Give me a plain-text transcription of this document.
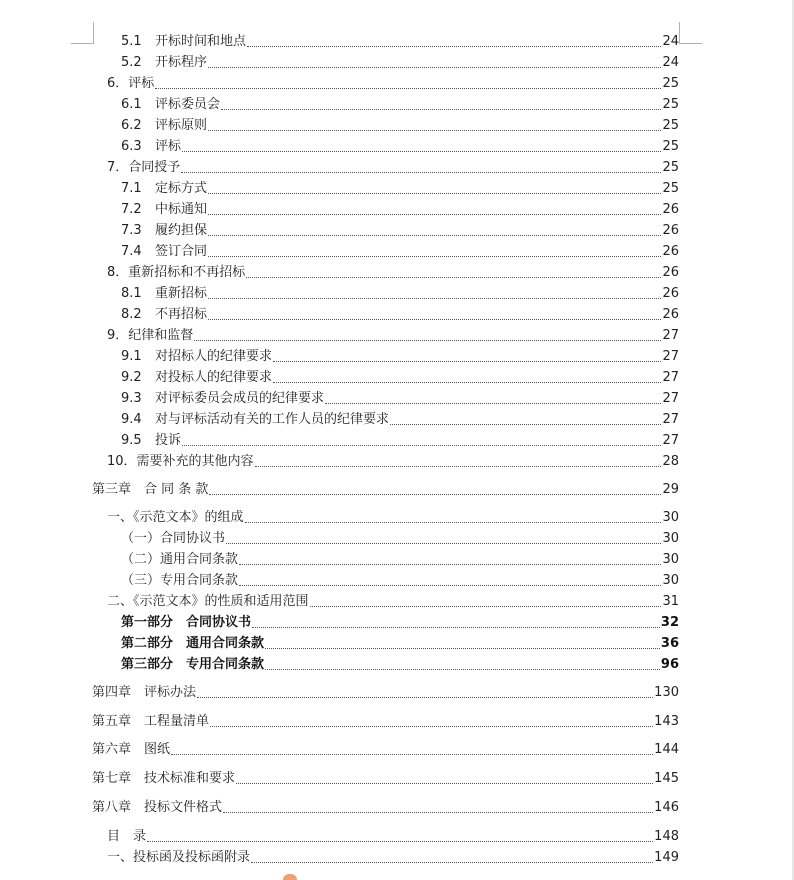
5.1	开标时间和地点	24
5.2	开标程序	24
6． 评标	25
6.1	评标委员会	25
6.2	评标原则	25
6.3	评标	25
7． 合同授予	25
7.1	定标方式	25
7.2	中标通知	26
7.3	履约担保	26
7.4	签订合同	26
8． 重新招标和不再招标	26
8.1	重新招标	26
8.2	不再招标	26
9． 纪律和监督	27
9.1	对招标人的纪律要求	27
9.2	对投标人的纪律要求	27
9.3	对评标委员会成员的纪律要求	27
9.4	对与评标活动有关的工作人员的纪律要求	27
9.5	投诉	27
10． 需要补充的其他内容	28
第三章　合 同 条 款	29
一、《示范文本》的组成	30
（一）合同协议书	30
（二）通用合同条款	30
（三）专用合同条款	30
二、《示范文本》的性质和适用范围	31
第一部分　合同协议书	32
第二部分　通用合同条款	36
第三部分　专用合同条款	96
第四章　评标办法	130
第五章　工程量清单	143
第六章　图纸	144
第七章　技术标准和要求	145
第八章　投标文件格式	146
目　录	148
一、投标函及投标函附录	149
